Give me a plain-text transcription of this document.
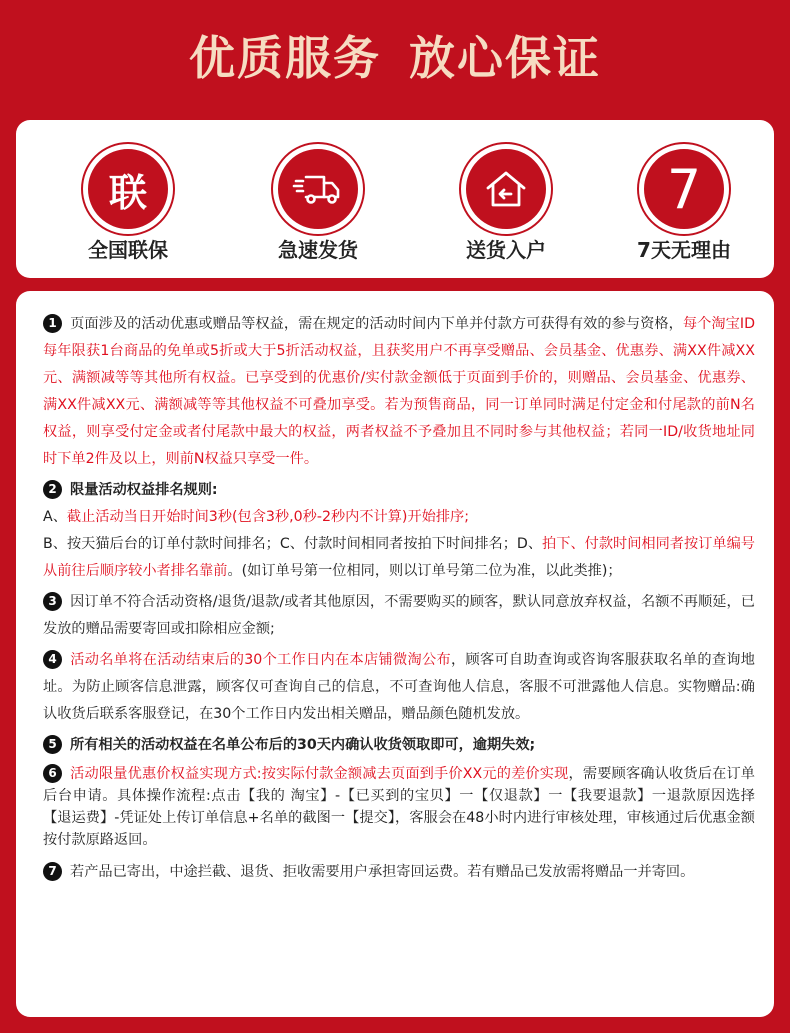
优质服务 放心保证
联
全国联保	急速发货	送货入户
7
7天无理由

1 页面涉及的活动优惠或赠品等权益，需在规定的活动时间内下单并付款方可获得有效的参与资格，每个淘宝ID每年限获1台商品的免单或5折或大于5折活动权益，且获奖用户不再享受赠品、会员基金、优惠券、满XX件减XX元、满额减等等其他所有权益。已享受到的优惠价/实付款金额低于页面到手价的，则赠品、会员基金、优惠券、满XX件减XX元、满额减等等其他权益不可叠加享受。若为预售商品，同一订单同时满足付定金和付尾款的前N名权益，则享受付定金或者付尾款中最大的权益，两者权益不予叠加且不同时参与其他权益；若同一ID/收货地址同时下单2件及以上，则前N权益只享受一件。

2 限量活动权益排名规则:
A、截止活动当日开始时间3秒(包含3秒,0秒-2秒内不计算)开始排序;
B、按天猫后台的订单付款时间排名；C、付款时间相同者按拍下时间排名；D、拍下、付款时间相同者按订单编号从前往后顺序较小者排名靠前。(如订单号第一位相同，则以订单号第二位为准，以此类推)；

3 因订单不符合活动资格/退货/退款/或者其他原因，不需要购买的顾客，默认同意放弃权益，名额不再顺延，已发放的赠品需要寄回或扣除相应金额;

4 活动名单将在活动结束后的30个工作日内在本店铺微淘公布，顾客可自助查询或咨询客服获取名单的查询地址。为防止顾客信息泄露，顾客仅可查询自己的信息，不可查询他人信息，客服不可泄露他人信息。实物赠品:确认收货后联系客服登记，在30个工作日内发出相关赠品，赠品颜色随机发放。

5 所有相关的活动权益在名单公布后的30天内确认收货领取即可，逾期失效;

6 活动限量优惠价权益实现方式:按实际付款金额减去页面到手价XX元的差价实现，需要顾客确认收货后在订单后台申请。具体操作流程:点击【我的 淘宝】-【已买到的宝贝】一【仅退款】一【我要退款】一退款原因选择 【退运费】-凭证处上传订单信息+名单的截图一【提交】，客服会在48小时内进行审核处理，审核通过后优惠金额按付款原路返回。

7 若产品已寄出，中途拦截、退货、拒收需要用户承担寄回运费。若有赠品已发放需将赠品一并寄回。
